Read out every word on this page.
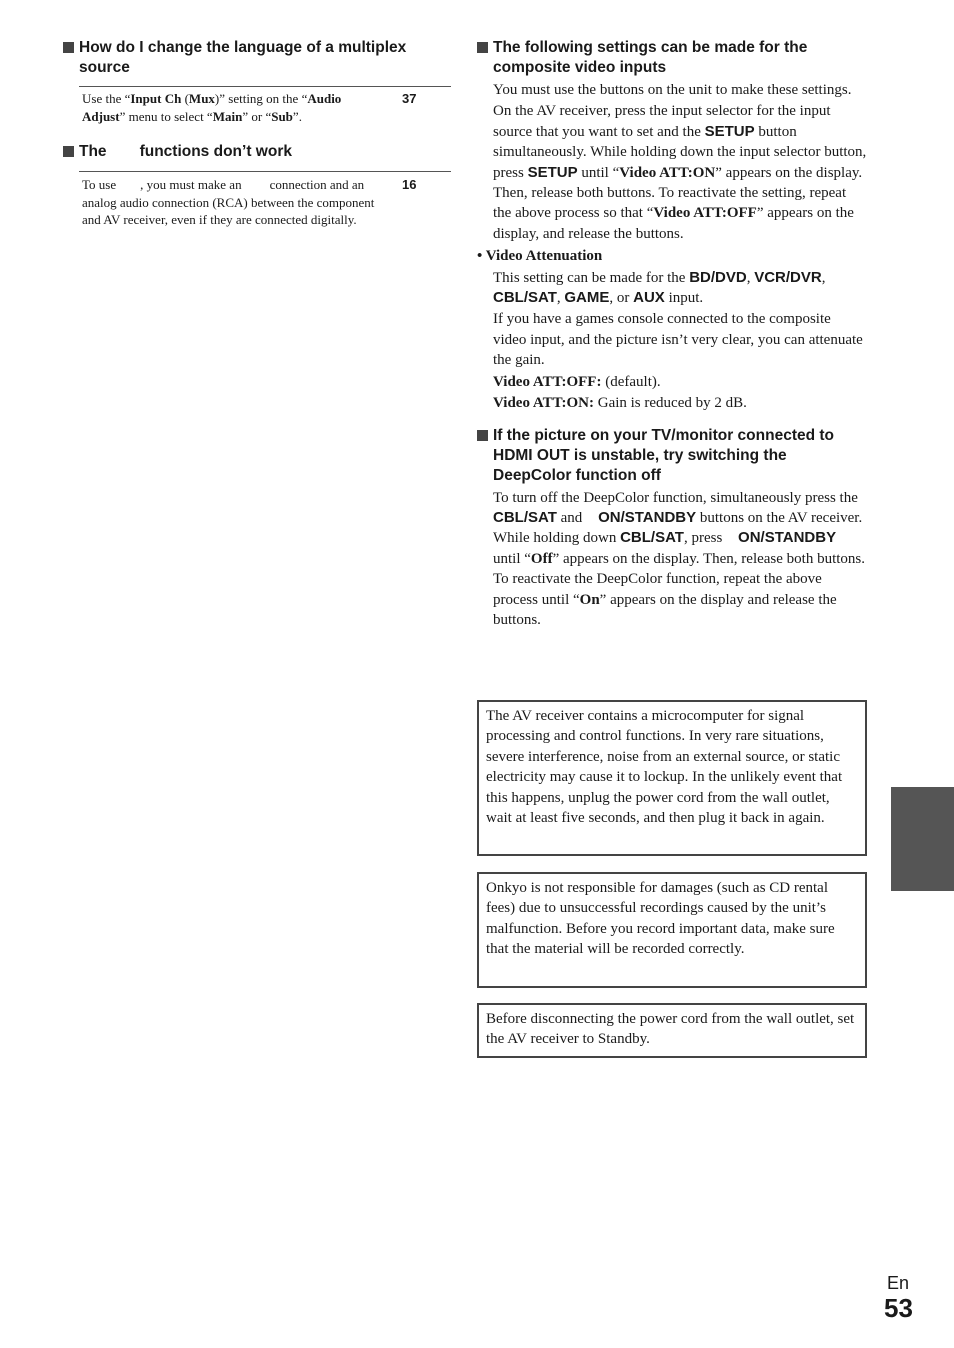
How do I change the language of a multiplex source
Use the “Input Ch (Mux)” setting on the “Audio Adjust” menu to select “Main” or “Sub”.
37
The functions don’t work
To use , you must make an connection and an analog audio connection (RCA) between the component and AV receiver, even if they are connected digitally.
16
The following settings can be made for the composite video inputs
You must use the buttons on the unit to make these settings.
On the AV receiver, press the input selector for the input source that you want to set and the SETUP button simultaneously. While holding down the input selector button, press SETUP until “Video ATT:ON” appears on the display. Then, release both buttons. To reactivate the setting, repeat the above process so that “Video ATT:OFF” appears on the display, and release the buttons.
• Video Attenuation
This setting can be made for the BD/DVD, VCR/DVR, CBL/SAT, GAME, or AUX input.
If you have a games console connected to the composite video input, and the picture isn’t very clear, you can attenuate the gain.
Video ATT:OFF: (default).
Video ATT:ON: Gain is reduced by 2 dB.
If the picture on your TV/monitor connected to HDMI OUT is unstable, try switching the DeepColor function off
To turn off the DeepColor function, simultaneously press the CBL/SAT and ON/STANDBY buttons on the AV receiver. While holding down CBL/SAT, press ON/STANDBY until “Off” appears on the display. Then, release both buttons. To reactivate the DeepColor function, repeat the above process until “On” appears on the display and release the buttons.
The AV receiver contains a microcomputer for signal processing and control functions. In very rare situations, severe interference, noise from an external source, or static electricity may cause it to lockup. In the unlikely event that this happens, unplug the power cord from the wall outlet, wait at least five seconds, and then plug it back in again.
Onkyo is not responsible for damages (such as CD rental fees) due to unsuccessful recordings caused by the unit’s malfunction. Before you record important data, make sure that the material will be recorded correctly.
Before disconnecting the power cord from the wall outlet, set the AV receiver to Standby.
En
53
